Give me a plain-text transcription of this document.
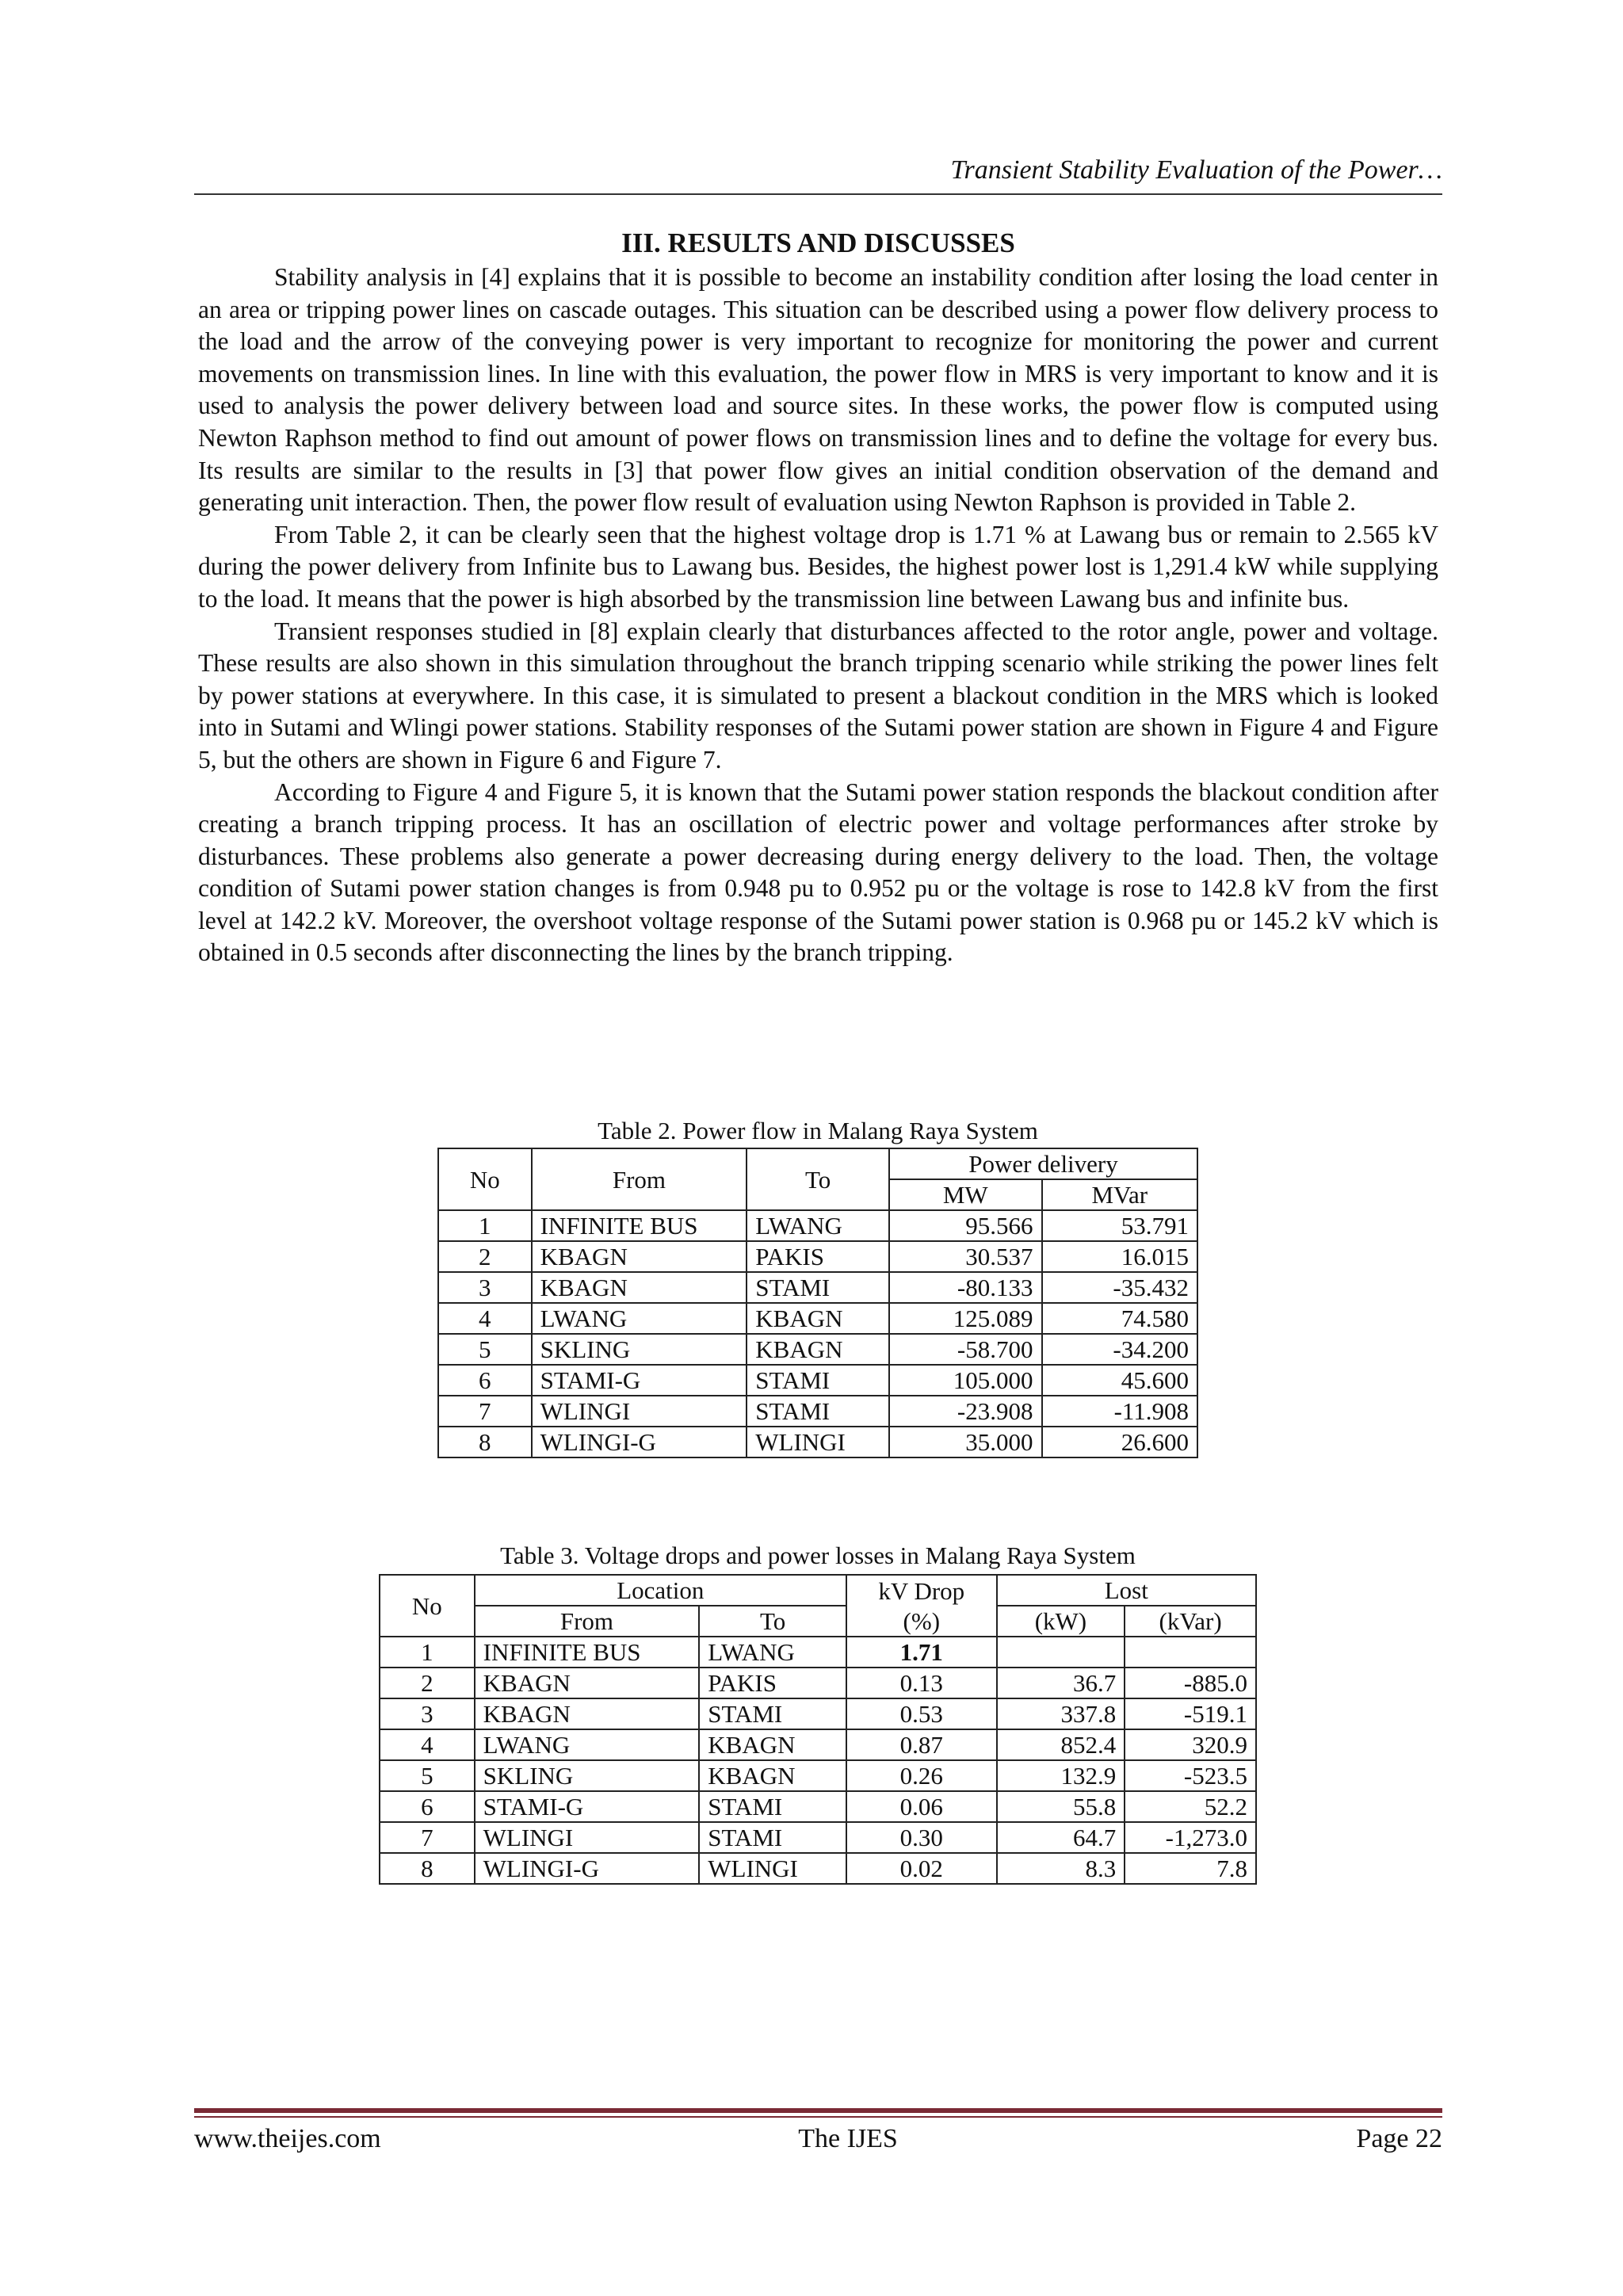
Transient Stability Evaluation of the Power…
III. RESULTS AND DISCUSSES

Stability analysis in [4] explains that it is possible to become an instability condition after losing the load center in an area or tripping power lines on cascade outages. This situation can be described using a power flow delivery process to the load and the arrow of the conveying power is very important to recognize for monitoring the power and current movements on transmission lines. In line with this evaluation, the power flow in MRS is very important to know and it is used to analysis the power delivery between load and source sites. In these works, the power flow is computed using Newton Raphson method to find out amount of power flows on transmission lines and to define the voltage for every bus. Its results are similar to the results in [3] that power flow gives an initial condition observation of the demand and generating unit interaction. Then, the power flow result of evaluation using Newton Raphson is provided in Table 2.

From Table 2, it can be clearly seen that the highest voltage drop is 1.71 % at Lawang bus or remain to 2.565 kV during the power delivery from Infinite bus to Lawang bus. Besides, the highest power lost is 1,291.4 kW while supplying to the load. It means that the power is high absorbed by the transmission line between Lawang bus and infinite bus.

Transient responses studied in [8] explain clearly that disturbances affected to the rotor angle, power and voltage. These results are also shown in this simulation throughout the branch tripping scenario while striking the power lines felt by power stations at everywhere. In this case, it is simulated to present a blackout condition in the MRS which is looked into in Sutami and Wlingi power stations. Stability responses of the Sutami power station are shown in Figure 4 and Figure 5, but the others are shown in Figure 6 and Figure 7.

According to Figure 4 and Figure 5, it is known that the Sutami power station responds the blackout condition after creating a branch tripping process. It has an oscillation of electric power and voltage performances after stroke by disturbances. These problems also generate a power decreasing during energy delivery to the load. Then, the voltage condition of Sutami power station changes is from 0.948 pu to 0.952 pu or the voltage is rose to 142.8 kV from the first level at 142.2 kV. Moreover, the overshoot voltage response of the Sutami power station is 0.968 pu or 145.2 kV which is obtained in 0.5 seconds after disconnecting the lines by the branch tripping.

Table 2. Power flow in Malang Raya System
No	From	To	Power delivery	
			MW	MVar
1	INFINITE BUS	LWANG	95.566	53.791
2	KBAGN	PAKIS	30.537	16.015
3	KBAGN	STAMI	-80.133	-35.432
4	LWANG	KBAGN	125.089	74.580
5	SKLING	KBAGN	-58.700	-34.200
6	STAMI-G	STAMI	105.000	45.600
7	WLINGI	STAMI	-23.908	-11.908
8	WLINGI-G	WLINGI	35.000	26.600
Table 3. Voltage drops and power losses in Malang Raya System
No	Location		kV Drop	Lost	
	From	To	(%)	(kW)	(kVar)
1	INFINITE BUS	LWANG	1.71		
2	KBAGN	PAKIS	0.13	36.7	-885.0
3	KBAGN	STAMI	0.53	337.8	-519.1
4	LWANG	KBAGN	0.87	852.4	320.9
5	SKLING	KBAGN	0.26	132.9	-523.5
6	STAMI-G	STAMI	0.06	55.8	52.2
7	WLINGI	STAMI	0.30	64.7	-1,273.0
8	WLINGI-G	WLINGI	0.02	8.3	7.8
www.theijes.com	The IJES	Page 22
